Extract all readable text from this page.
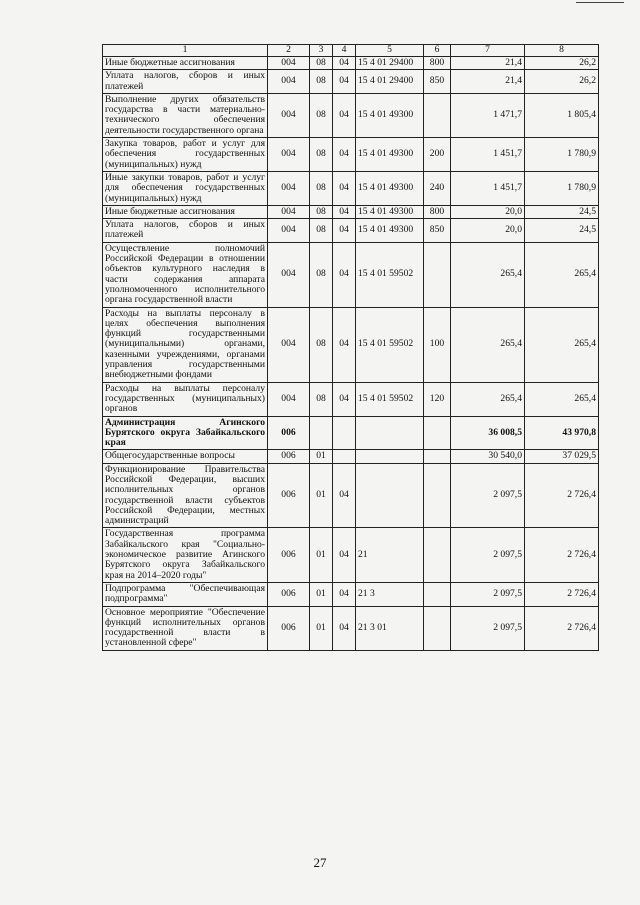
1	2	3	4	5	6	7	8
Иные бюджетные ассигнования	004	08	04	15 4 01 29400	800	21,4	26,2
Уплата налогов, сборов и иных платежей	004	08	04	15 4 01 29400	850	21,4	26,2
Выполнение других обязательств государства в части материально-технического обеспечения деятельности государственного органа	004	08	04	15 4 01 49300		1 471,7	1 805,4
Закупка товаров, работ и услуг для обеспечения государственных (муниципальных) нужд	004	08	04	15 4 01 49300	200	1 451,7	1 780,9
Иные закупки товаров, работ и услуг для обеспечения государственных (муниципальных) нужд	004	08	04	15 4 01 49300	240	1 451,7	1 780,9
Иные бюджетные ассигнования	004	08	04	15 4 01 49300	800	20,0	24,5
Уплата налогов, сборов и иных платежей	004	08	04	15 4 01 49300	850	20,0	24,5
Осуществление полномочий Российской Федерации в отношении объектов культурного наследия в части содержания аппарата уполномоченного исполнительного органа государственной власти	004	08	04	15 4 01 59502		265,4	265,4
Расходы на выплаты персоналу в целях обеспечения выполнения функций государственными (муниципальными) органами, казенными учреждениями, органами управления государственными внебюджетными фондами	004	08	04	15 4 01 59502	100	265,4	265,4
Расходы на выплаты персоналу государственных (муниципальных) органов	004	08	04	15 4 01 59502	120	265,4	265,4
Администрация Агинского Бурятского округа Забайкальского края	006					36 008,5	43 970,8
Общегосударственные вопросы	006	01				30 540,0	37 029,5
Функционирование Правительства Российской Федерации, высших исполнительных органов государственной власти субъектов Российской Федерации, местных администраций	006	01	04			2 097,5	2 726,4
Государственная программа Забайкальского края "Социально-экономическое развитие Агинского Бурятского округа Забайкальского края на 2014–2020 годы"	006	01	04	21		2 097,5	2 726,4
Подпрограмма "Обеспечивающая подпрограмма"	006	01	04	21 3		2 097,5	2 726,4
Основное мероприятие "Обеспечение функций исполнительных органов государственной власти в установленной сфере"	006	01	04	21 3 01		2 097,5	2 726,4
27
